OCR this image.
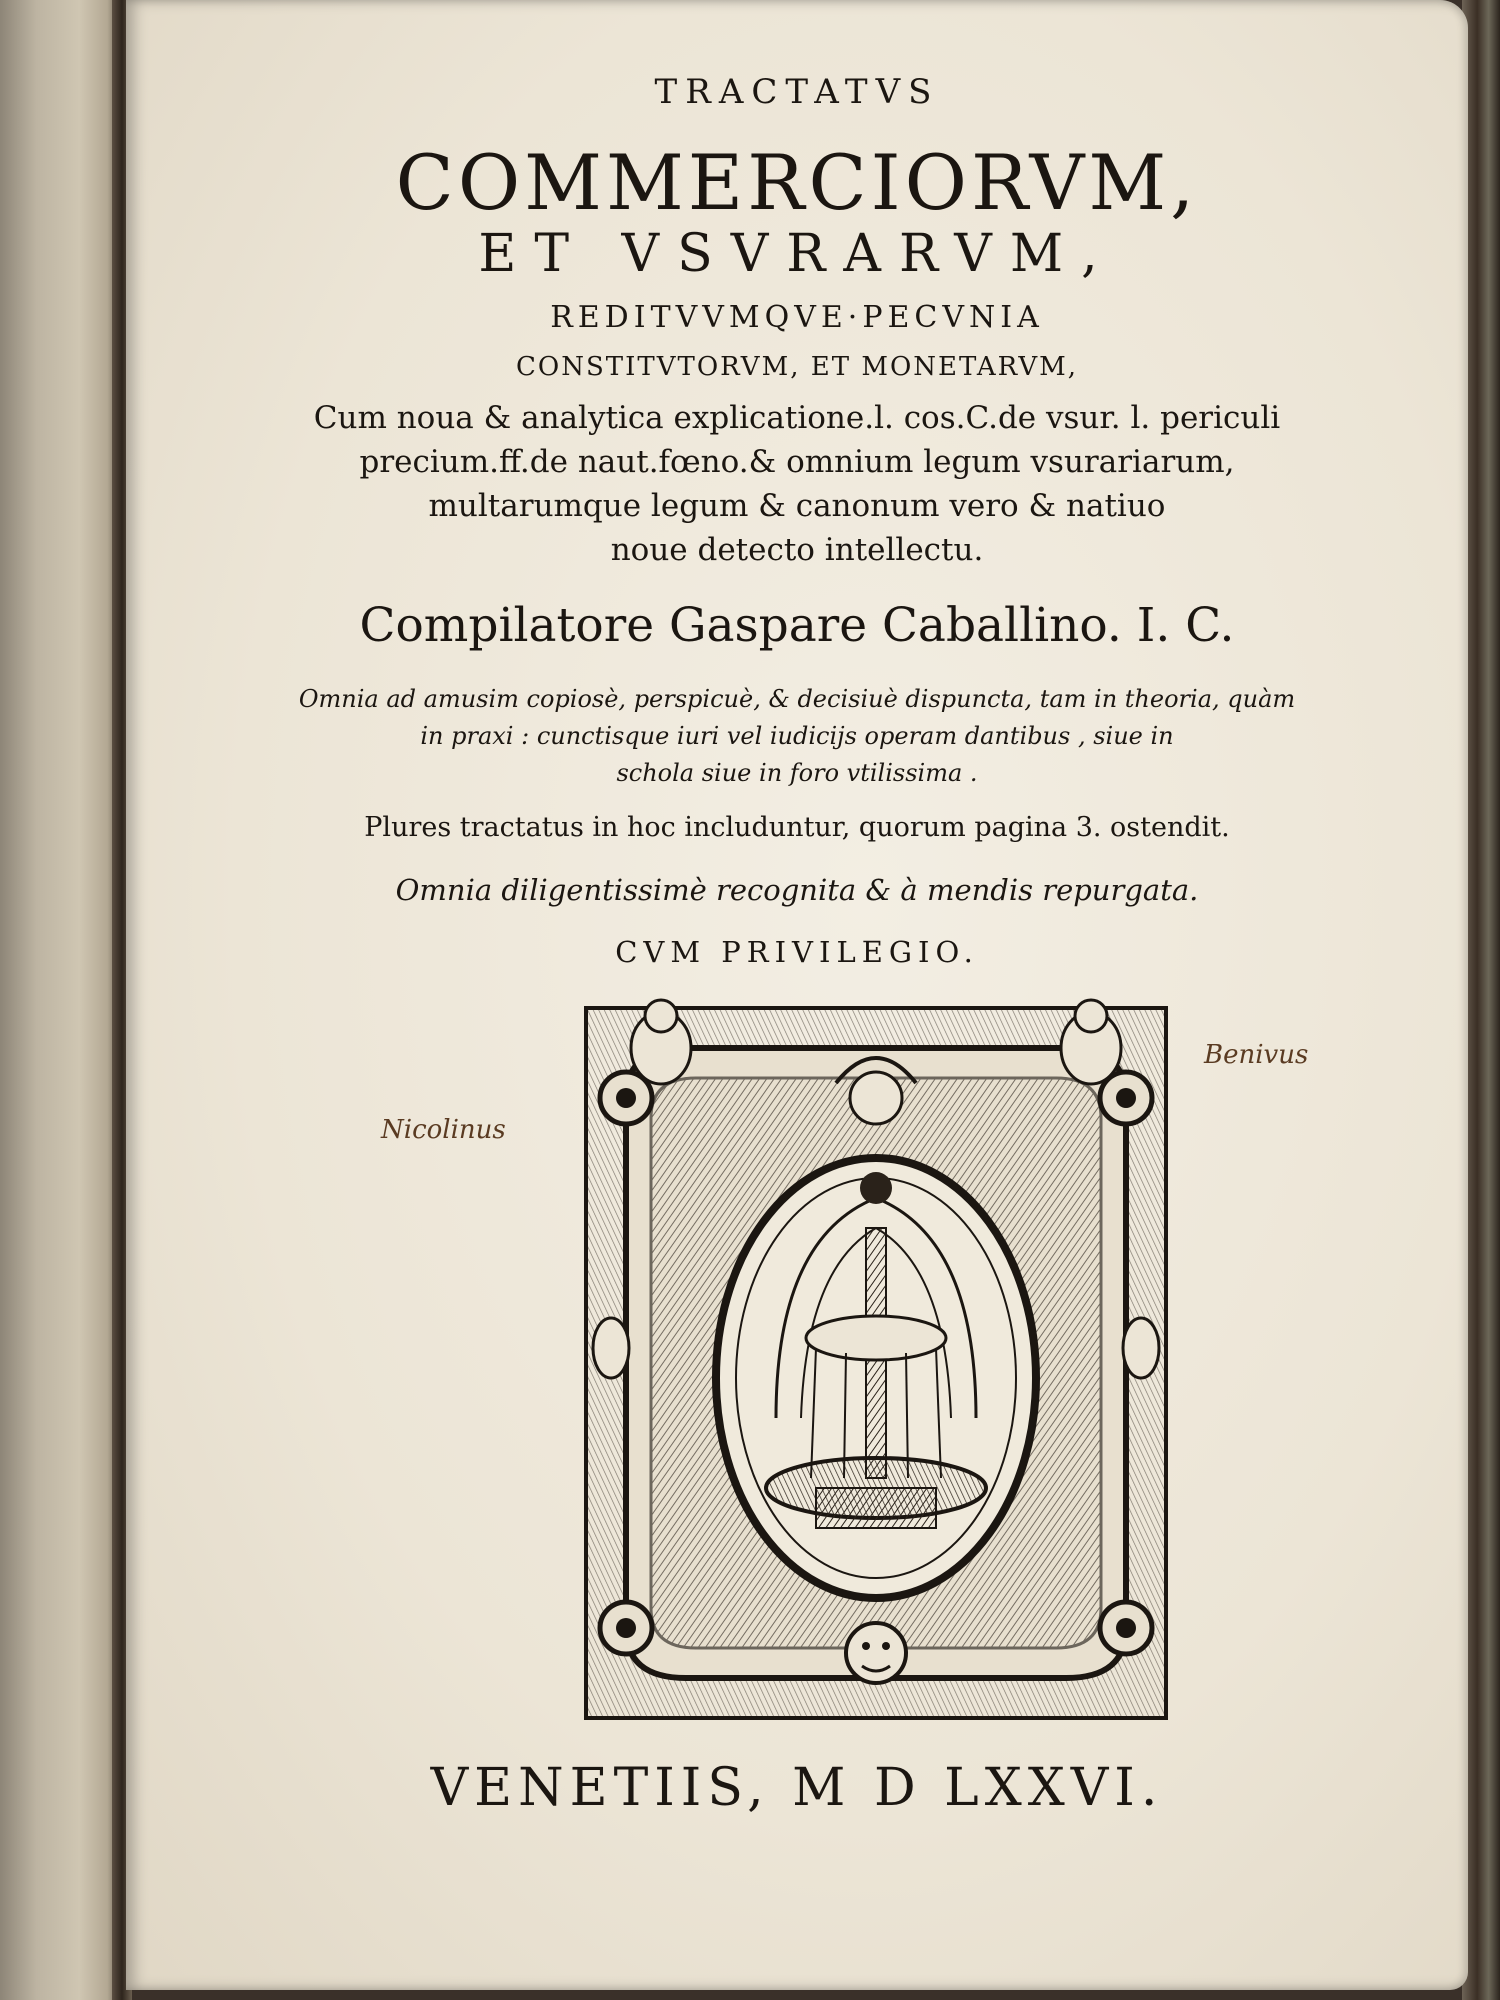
TRACTATVS
COMMERCIORVM,
ET VSVRARVM,
REDITVVMQVE·PECVNIA
CONSTITVTORVM, ET MONETARVM,
Cum noua & analytica explicatione.l. cos.C.de vsur. l. periculi
precium.ff.de naut.fœno.& omnium legum vsurariarum,
multarumque legum & canonum vero & natiuo
noue detecto intellectu.
Compilatore Gaspare Caballino. I. C.
Omnia ad amusim copiosè, perspicuè, & decisiuè dispuncta, tam in theoria, quàm
in praxi : cunctisque iuri vel iudicijs operam dantibus , siue in
schola siue in foro vtilissima .
Plures tractatus in hoc includuntur, quorum pagina 3. ostendit.
Omnia diligentissimè recognita & à mendis repurgata.
CVM PRIVILEGIO.
Nicolinus
Benivus
VENETIIS, M D LXXVI.
